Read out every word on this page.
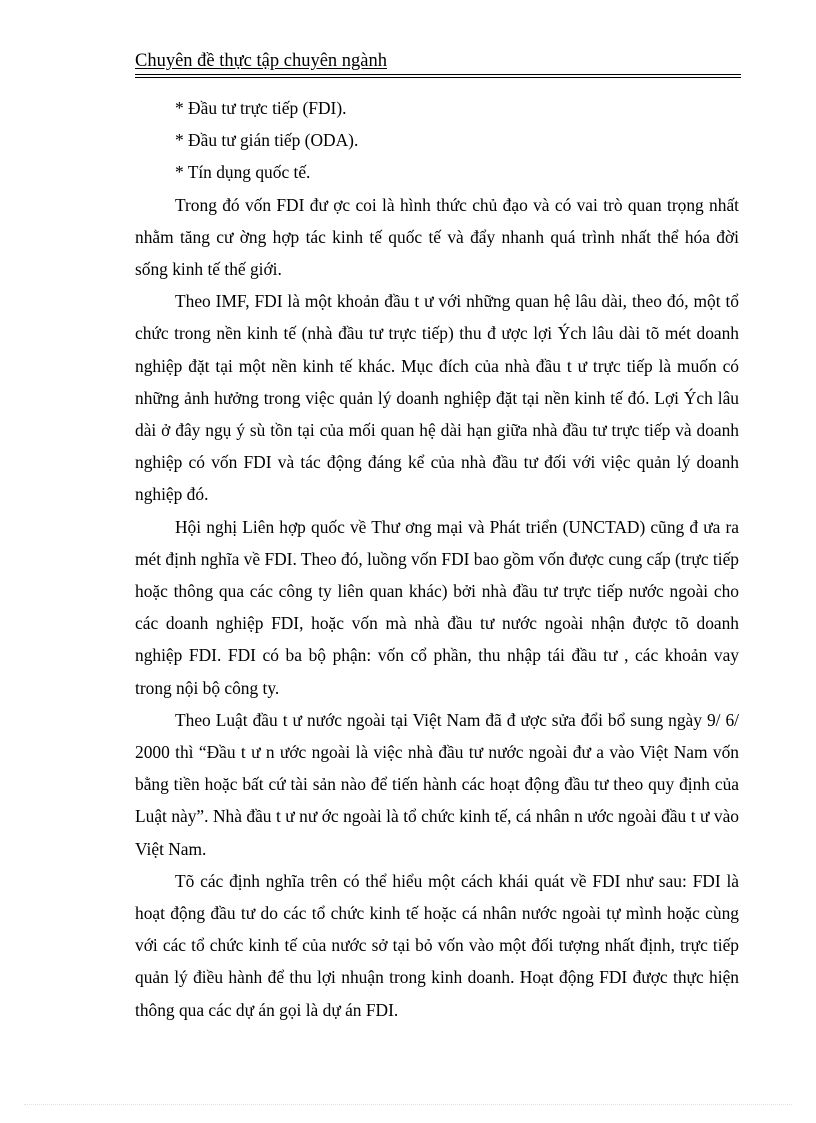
Chuyên đề thực tập chuyên ngành

* Đầu tư trực tiếp (FDI).

* Đầu tư gián tiếp (ODA).

* Tín dụng quốc tế.

Trong đó vốn FDI đư ợc coi là hình thức chủ đạo và có vai trò quan trọng nhất nhằm tăng cư ờng hợp tác kinh tế quốc tế và đẩy nhanh quá trình nhất thể hóa đời sống kinh tế thế giới.

Theo IMF, FDI là một khoản đầu t ư với những quan hệ lâu dài, theo đó, một tổ chức trong nền kinh tế (nhà đầu tư trực tiếp) thu đ ược lợi Ých lâu dài tõ mét doanh nghiệp đặt tại một nền kinh tế khác. Mục đích của nhà đầu t ư trực tiếp là muốn có những ảnh hưởng trong việc quản lý doanh nghiệp đặt tại nền kinh tế đó. Lợi Ých lâu dài ở đây ngụ ý sù tồn tại của mối quan hệ dài hạn giữa nhà đầu tư trực tiếp và doanh nghiệp có vốn FDI và tác động đáng kể của nhà đầu tư đối với việc quản lý doanh nghiệp đó.

Hội nghị Liên hợp quốc về Thư ơng mại và Phát triển (UNCTAD) cũng đ ưa ra mét định nghĩa về FDI. Theo đó, luồng vốn FDI bao gồm vốn được cung cấp (trực tiếp hoặc thông qua các công ty liên quan khác) bởi nhà đầu tư trực tiếp nước ngoài cho các doanh nghiệp FDI, hoặc vốn mà nhà đầu tư nước ngoài nhận được tõ doanh nghiệp FDI. FDI có ba bộ phận: vốn cổ phần, thu nhập tái đầu tư , các khoản vay trong nội bộ công ty.

Theo Luật đầu t ư nước ngoài tại Việt Nam đã đ ược sửa đổi bổ sung ngày 9/ 6/ 2000 thì “Đầu t ư n ước ngoài là việc nhà đầu tư nước ngoài đư a vào Việt Nam vốn bằng tiền hoặc bất cứ tài sản nào để tiến hành các hoạt động đầu tư theo quy định của Luật này”. Nhà đầu t ư nư ớc ngoài là tổ chức kinh tế, cá nhân n ước ngoài đầu t ư vào Việt Nam.

Tõ các định nghĩa trên có thể hiểu một cách khái quát về FDI như sau: FDI là hoạt động đầu tư do các tổ chức kinh tế hoặc cá nhân nước ngoài tự mình hoặc cùng với các tổ chức kinh tế của nước sở tại bỏ vốn vào một đối tượng nhất định, trực tiếp quản lý điều hành để thu lợi nhuận trong kinh doanh. Hoạt động FDI được thực hiện thông qua các dự án gọi là dự án FDI.
